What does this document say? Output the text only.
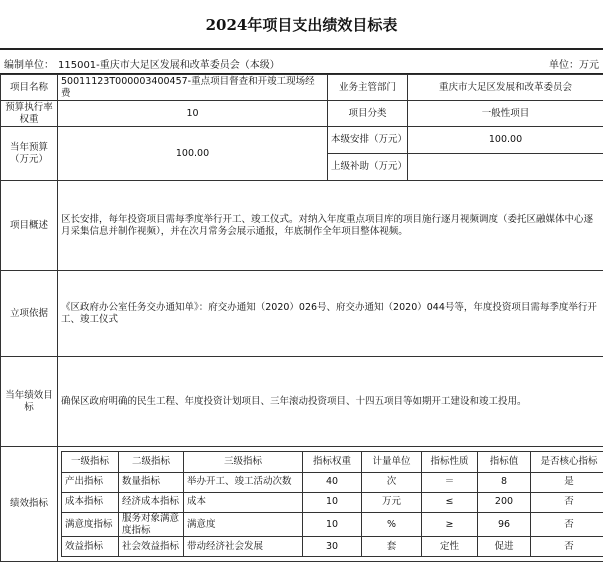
2024年项目支出绩效目标表
编制单位： 115001-重庆市大足区发展和改革委员会（本级）	单位：万元
项目名称	50011123T000003400457-重点项目督查和开竣工现场经费	业务主管部门	重庆市大足区发展和改革委员会
预算执行率权重	10	项目分类	一般性项目
当年预算（万元）	100.00	本级安排（万元）	100.00
上级补助（万元）	
项目概述	区长安排，每年投资项目需每季度举行开工、竣工仪式。对纳入年度重点项目库的项目施行逐月视频调度（委托区融媒体中心逐月采集信息并制作视频），并在次月常务会展示通报，年底制作全年项目整体视频。
立项依据	《区政府办公室任务交办通知单》：府交办通知（2020）026号、府交办通知（2020）044号等，年度投资项目需每季度举行开工、竣工仪式
当年绩效目标	确保区政府明确的民生工程、年度投资计划项目、三年滚动投资项目、十四五项目等如期开工建设和竣工投用。
绩效指标	
一级指标	二级指标	三级指标	指标权重	计量单位	指标性质	指标值	是否核心指标
产出指标	数量指标	举办开工、竣工活动次数	40	次	＝	8	是
成本指标	经济成本指标	成本	10	万元	≤	200	否
满意度指标	服务对象满意度指标	满意度	10	%	≥	96	否
效益指标	社会效益指标	带动经济社会发展	30	套	定性	促进	否
